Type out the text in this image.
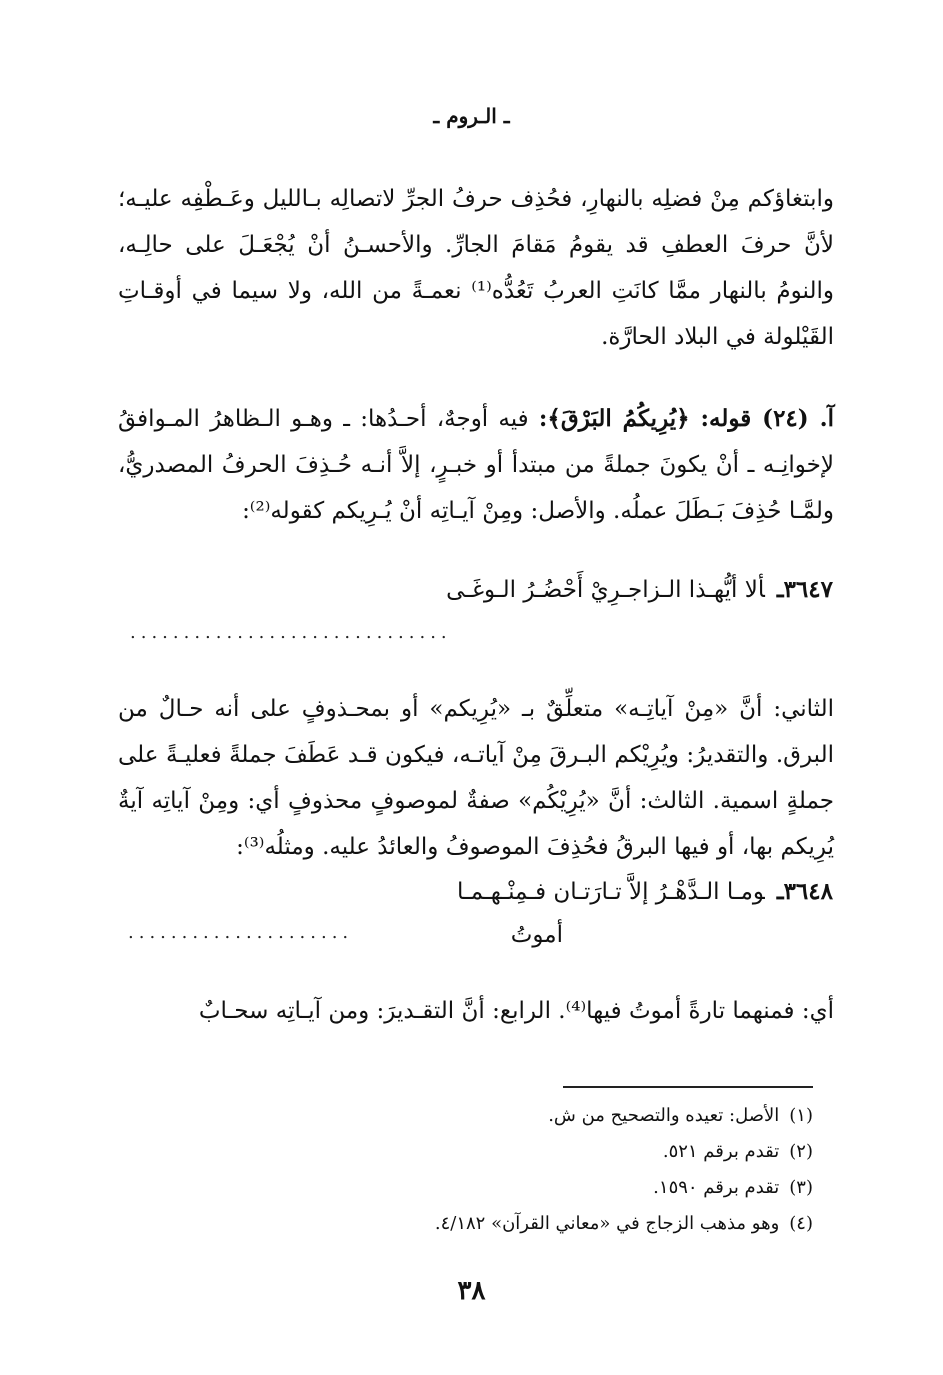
ـ الـروم ـ
وابتغاؤكم مِنْ فضلِه بالنهارِ، فحُذِف حرفُ الجرِّ لاتصالِه بـالليل وعَـطْفِه عليـه؛ لأنَّ حرفَ العطفِ قد يقومُ مَقامَ الجارِّ. والأحسـنُ أنْ يُجْعَـلَ على حالِـه، والنومُ بالنهار ممَّا كانَتِ العربُ تَعُدُّه⁽¹⁾ نعمـةً من الله، ولا سيما في أوقـاتِ القَيْلولة في البلاد الحارَّة.
آ. (٢٤) قوله: ﴿يُرِيكُمُ البَرْقَ﴾: فيه أوجهٌ، أحـدُها: ـ وهـو الـظاهرُ المـوافقُ لإخوانِـه ـ أنْ يكونَ جملةً من مبتدأ أو خبـرٍ، إلاَّ أنـه حُـذِفَ الحرفُ المصدريُّ، ولمَّـا حُذِفَ بَـطَلَ عملُه. والأصل: ومِنْ آيـاتِه أنْ يُـرِيكم كقوله⁽²⁾:
٣٦٤٧ـألا أيُّهـذا الـزاجـرِيْ أَحْضُـرُ الـوغَـى
..............................
الثاني: أنَّ «مِنْ آياتِـه» متعلِّقٌ بـ «يُرِيكم» أو بمحـذوفٍ على أنه حـالٌ من البرق. والتقديرُ: ويُرِيْكم البـرقَ مِنْ آياتـه، فيكون قـد عَطَفَ جملةً فعليـةً على جملةٍ اسمية. الثالث: أنَّ «يُرِيْكُم» صفةٌ لموصوفٍ محذوفٍ أي: ومِنْ آياتِه آيةٌ يُرِيكم بها، أو فيها البرقُ فحُذِفَ الموصوفُ والعائدُ عليه. ومثلُه⁽³⁾:
٣٦٤٨ـومـا الـدَّهْـرُ إلاَّ تـارَتـان فـمِنْـهـمـا
أموتُ
.....................
أي: فمنهما تارةً أموتُ فيها⁽⁴⁾. الرابع: أنَّ التقـديرَ: ومن آيـاتِه سحـابٌ
(١)الأصل: تعيده والتصحيح من ش.
(٢)تقدم برقم ٥٢١.
(٣)تقدم برقم ١٥٩٠.
(٤)وهو مذهب الزجاج في «معاني القرآن» ٤/١٨٢.
٣٨
